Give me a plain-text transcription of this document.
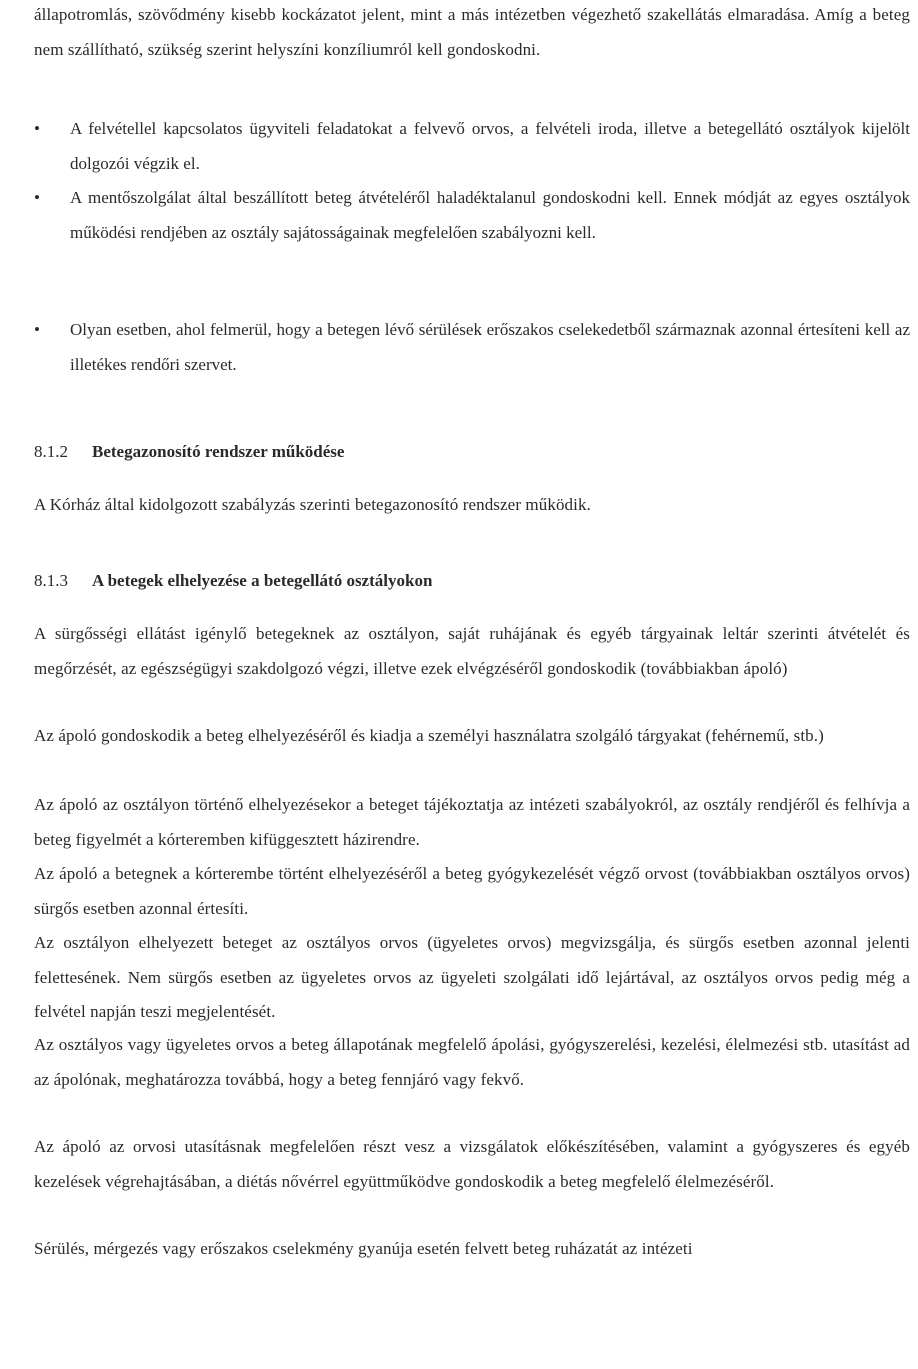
állapotromlás, szövődmény kisebb kockázatot jelent, mint a más intézetben végezhető szakellátás elmaradása. Amíg a beteg nem szállítható, szükség szerint helyszíni konzíliumról kell gondoskodni.
• A felvétellel kapcsolatos ügyviteli feladatokat a felvevő orvos, a felvételi iroda, illetve a betegellátó osztályok kijelölt dolgozói végzik el.
• A mentőszolgálat által beszállított beteg átvételéről haladéktalanul gondoskodni kell. Ennek módját az egyes osztályok működési rendjében az osztály sajátosságainak megfelelően szabályozni kell.
• Olyan esetben, ahol felmerül, hogy a betegen lévő sérülések erőszakos cselekedetből származnak azonnal értesíteni kell az illetékes rendőri szervet.
8.1.2 Betegazonosító rendszer működése
A Kórház által kidolgozott szabályzás szerinti betegazonosító rendszer működik.
8.1.3 A betegek elhelyezése a betegellátó osztályokon
A sürgősségi ellátást igénylő betegeknek az osztályon, saját ruhájának és egyéb tárgyainak leltár szerinti átvételét és megőrzését, az egészségügyi szakdolgozó végzi, illetve ezek elvégzéséről gondoskodik (továbbiakban ápoló)
Az ápoló gondoskodik a beteg elhelyezéséről és kiadja a személyi használatra szolgáló tárgyakat (fehérnemű, stb.)
Az ápoló az osztályon történő elhelyezésekor a beteget tájékoztatja az intézeti szabályokról, az osztály rendjéről és felhívja a beteg figyelmét a kórteremben kifüggesztett házirendre.
Az ápoló a betegnek a kórterembe történt elhelyezéséről a beteg gyógykezelését végző orvost (továbbiakban osztályos orvos) sürgős esetben azonnal értesíti.
Az osztályon elhelyezett beteget az osztályos orvos (ügyeletes orvos) megvizsgálja, és sürgős esetben azonnal jelenti felettesének. Nem sürgős esetben az ügyeletes orvos az ügyeleti szolgálati idő lejártával, az osztályos orvos pedig még a felvétel napján teszi megjelentését.
Az osztályos vagy ügyeletes orvos a beteg állapotának megfelelő ápolási, gyógyszerelési, kezelési, élelmezési stb. utasítást ad az ápolónak, meghatározza továbbá, hogy a beteg fennjáró vagy fekvő.
Az ápoló az orvosi utasításnak megfelelően részt vesz a vizsgálatok előkészítésében, valamint a gyógyszeres és egyéb kezelések végrehajtásában, a diétás nővérrel együttműködve gondoskodik a beteg megfelelő élelmezéséről.
Sérülés, mérgezés vagy erőszakos cselekmény gyanúja esetén felvett beteg ruházatát az intézeti
